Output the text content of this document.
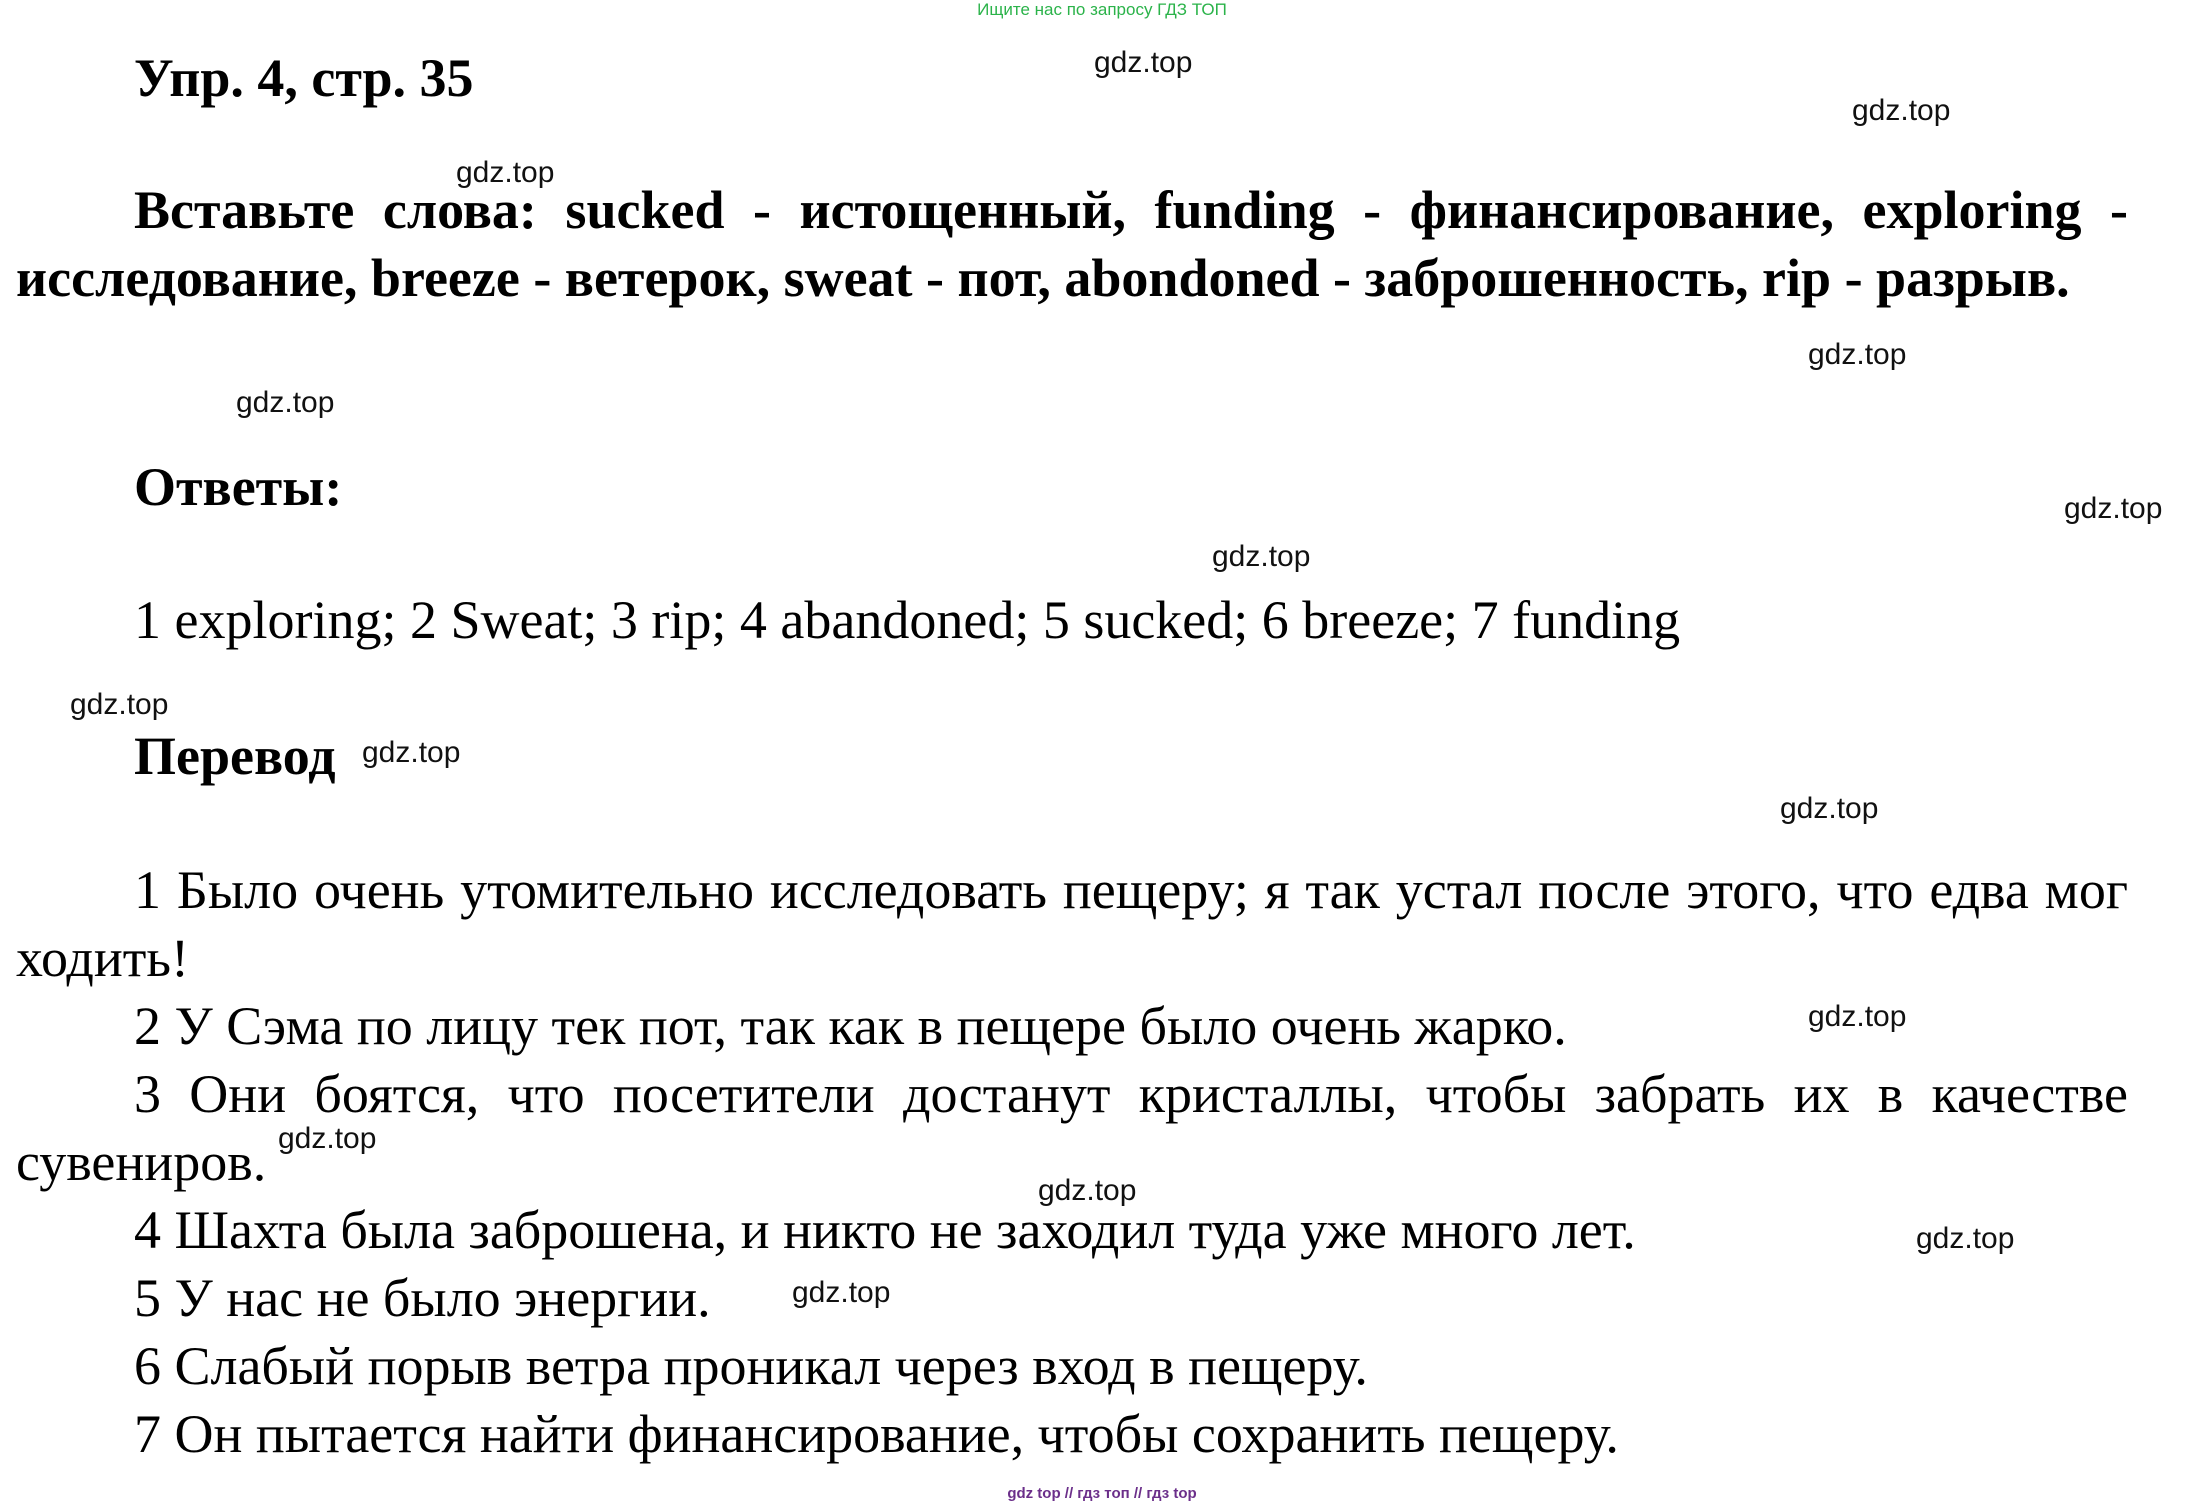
Ищите нас по запросу ГДЗ ТОП
Упр. 4, стр. 35
Вставьте слова: sucked - истощенный, funding - финансирование, exploring - исследование, breeze - ветерок, sweat - пот, abondoned - заброшенность, rip - разрыв.
Ответы:
1 exploring; 2 Sweat; 3 rip; 4 abandoned; 5 sucked; 6 breeze; 7 funding
Перевод
1 Было очень утомительно исследовать пещеру; я так устал после этого, что едва мог ходить!
2 У Сэма по лицу тек пот, так как в пещере было очень жарко.
3 Они боятся, что посетители достанут кристаллы, чтобы забрать их в качестве сувениров.
4 Шахта была заброшена, и никто не заходил туда уже много лет.
5 У нас не было энергии.
6 Слабый порыв ветра проникал через вход в пещеру.
7 Он пытается найти финансирование, чтобы сохранить пещеру.
gdz.top
gdz.top
gdz.top
gdz.top
gdz.top
gdz.top
gdz.top
gdz.top
gdz.top
gdz.top
gdz.top
gdz.top
gdz.top
gdz.top
gdz.top
gdz top // гдз топ // гдз top
